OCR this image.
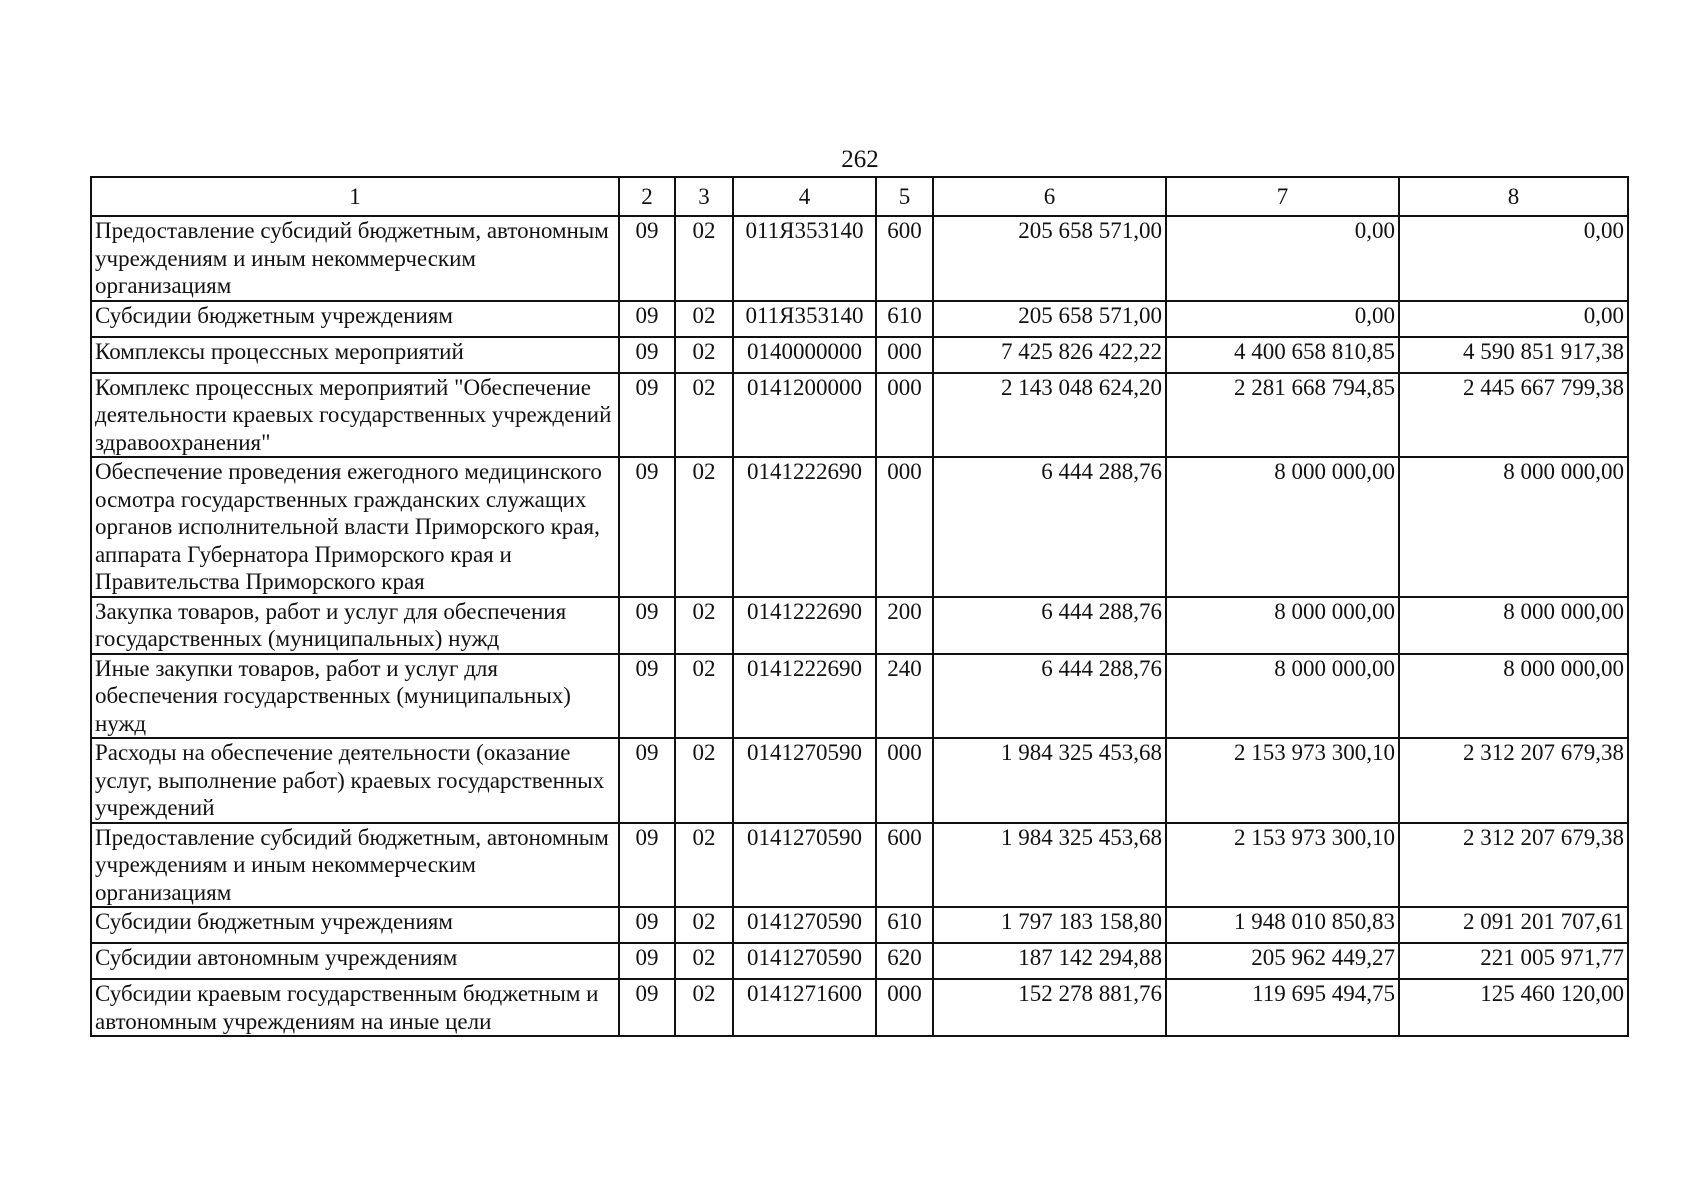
262
1	2	3	4	5	6	7	8
Предоставление субсидий бюджетным, автономным учреждениям и иным некоммерческим организациям	09	02	011Я353140	600	205 658 571,00	0,00	0,00
Субсидии бюджетным учреждениям	09	02	011Я353140	610	205 658 571,00	0,00	0,00
Комплексы процессных мероприятий	09	02	0140000000	000	7 425 826 422,22	4 400 658 810,85	4 590 851 917,38
Комплекс процессных мероприятий "Обеспечение деятельности краевых государственных учреждений здравоохранения"	09	02	0141200000	000	2 143 048 624,20	2 281 668 794,85	2 445 667 799,38
Обеспечение проведения ежегодного медицинского осмотра государственных гражданских служащих органов исполнительной власти Приморского края, аппарата Губернатора Приморского края и Правительства Приморского края	09	02	0141222690	000	6 444 288,76	8 000 000,00	8 000 000,00
Закупка товаров, работ и услуг для обеспечения государственных (муниципальных) нужд	09	02	0141222690	200	6 444 288,76	8 000 000,00	8 000 000,00
Иные закупки товаров, работ и услуг для обеспечения государственных (муниципальных) нужд	09	02	0141222690	240	6 444 288,76	8 000 000,00	8 000 000,00
Расходы на обеспечение деятельности (оказание услуг, выполнение работ) краевых государственных учреждений	09	02	0141270590	000	1 984 325 453,68	2 153 973 300,10	2 312 207 679,38
Предоставление субсидий бюджетным, автономным учреждениям и иным некоммерческим организациям	09	02	0141270590	600	1 984 325 453,68	2 153 973 300,10	2 312 207 679,38
Субсидии бюджетным учреждениям	09	02	0141270590	610	1 797 183 158,80	1 948 010 850,83	2 091 201 707,61
Субсидии автономным учреждениям	09	02	0141270590	620	187 142 294,88	205 962 449,27	221 005 971,77
Субсидии краевым государственным бюджетным и автономным учреждениям на иные цели	09	02	0141271600	000	152 278 881,76	119 695 494,75	125 460 120,00
